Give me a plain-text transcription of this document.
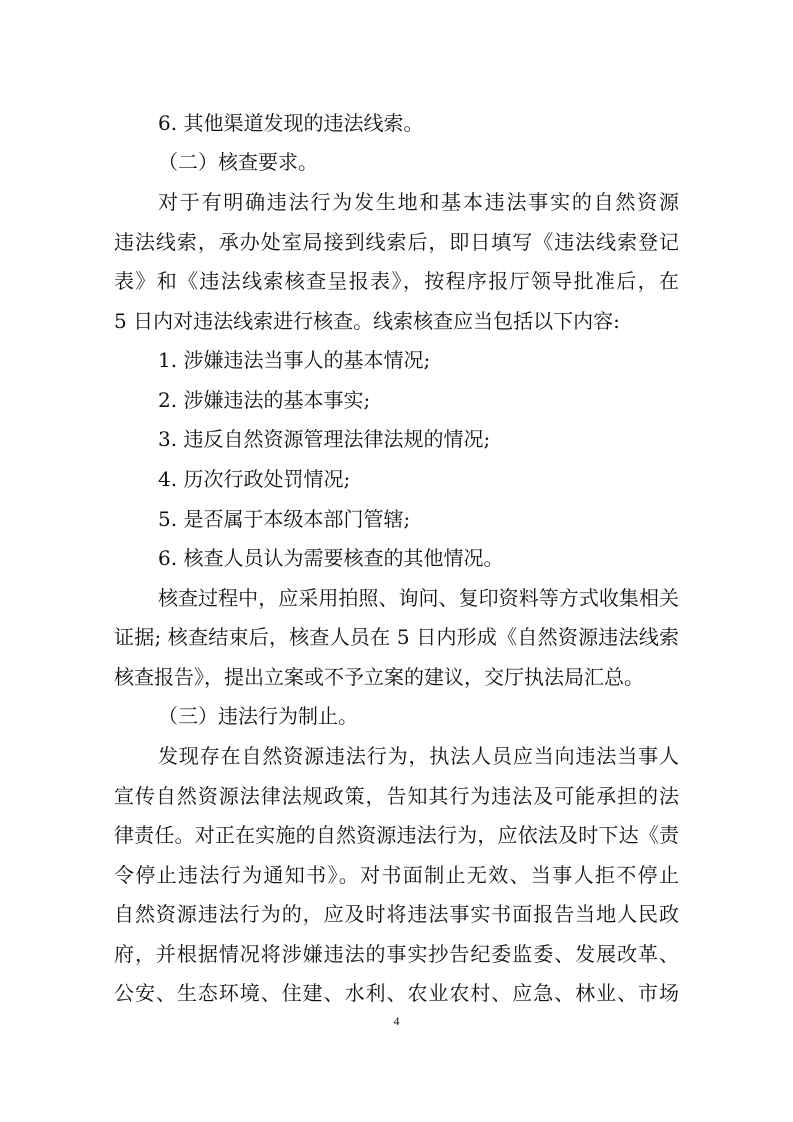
6. 其他渠道发现的违法线索。
（二）核查要求。
对于有明确违法行为发生地和基本违法事实的自然资源
违法线索，承办处室局接到线索后，即日填写《违法线索登记
表》和《违法线索核查呈报表》，按程序报厅领导批准后，在
5 日内对违法线索进行核查。线索核查应当包括以下内容:
1. 涉嫌违法当事人的基本情况;
2. 涉嫌违法的基本事实;
3. 违反自然资源管理法律法规的情况;
4. 历次行政处罚情况;
5. 是否属于本级本部门管辖;
6. 核查人员认为需要核查的其他情况。
核查过程中，应采用拍照、询问、复印资料等方式收集相关
证据; 核查结束后，核查人员在 5 日内形成《自然资源违法线索
核查报告》，提出立案或不予立案的建议，交厅执法局汇总。
（三）违法行为制止。
发现存在自然资源违法行为，执法人员应当向违法当事人
宣传自然资源法律法规政策，告知其行为违法及可能承担的法
律责任。对正在实施的自然资源违法行为，应依法及时下达《责
令停止违法行为通知书》。对书面制止无效、当事人拒不停止
自然资源违法行为的，应及时将违法事实书面报告当地人民政
府，并根据情况将涉嫌违法的事实抄告纪委监委、发展改革、
公安、生态环境、住建、水利、农业农村、应急、林业、市场
4
